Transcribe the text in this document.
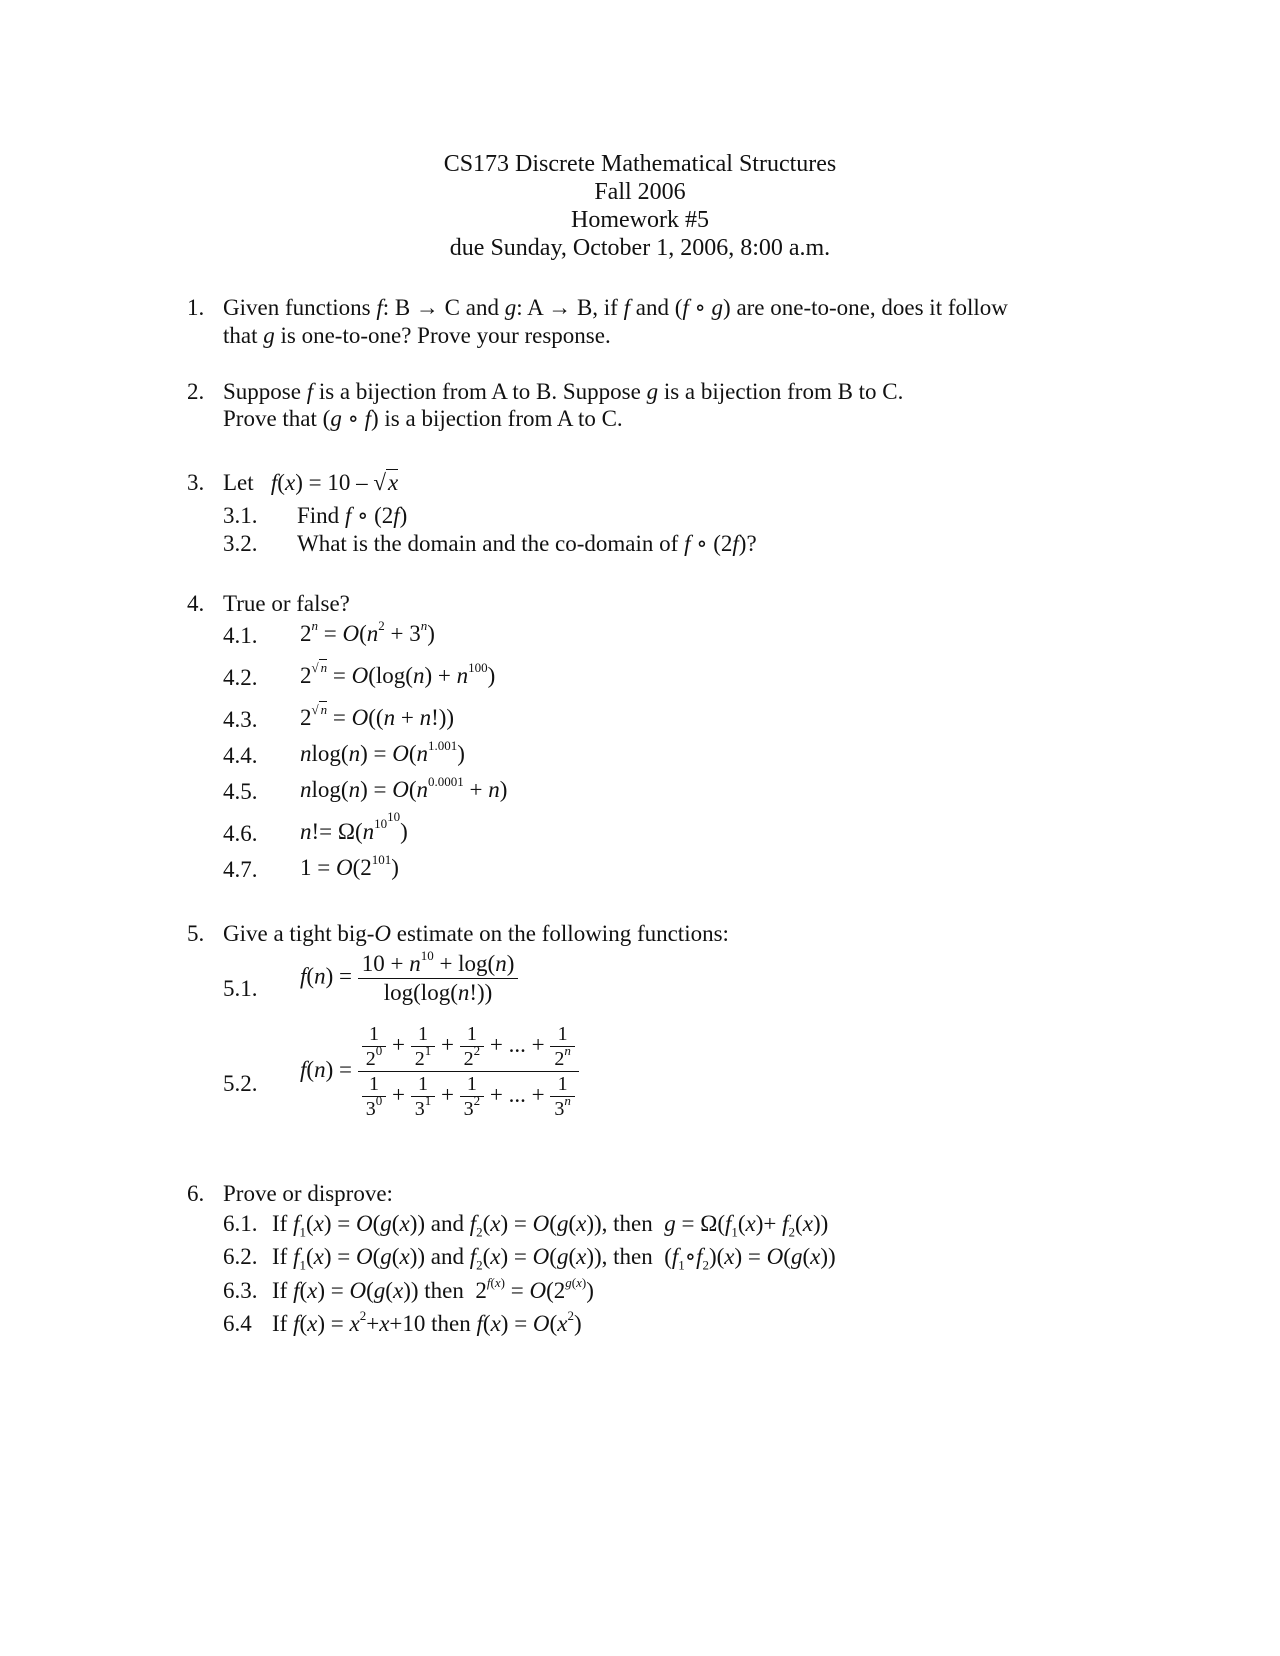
CS173 Discrete Mathematical Structures
Fall 2006
Homework #5
due Sunday, October 1, 2006, 8:00 a.m.
1. Given functions f: B → C and g: A → B, if f and (f ∘ g) are one-to-one, does it follow
that g is one-to-one? Prove your response.
2. Suppose f is a bijection from A to B. Suppose g is a bijection from B to C.
Prove that (g ∘ f) is a bijection from A to C.
3. Let f(x) = 10 – √x
3.1. Find f ∘ (2f)
3.2. What is the domain and the co-domain of f ∘ (2f)?
4. True or false?
4.1. $2^n = O(n^2 + 3^n)$
4.2. $2^{√ n} = O(\log(n) + n^{100})$
4.3. $2^{√ n} = O((n + n!))$
4.4. $nlog(n) = O(n^{1.001})$
4.5. $nlog(n) = O(n^{0.0001} + n)$
4.6. $n!= \Omega(n^{10^{10}})$
4.7. $1 = O(2^{101})$
5. Give a tight big-O estimate on the following functions:
5.1.
$f(n) = \frac{10 + n^{10} + \log(n)}{\log(\log(n!))}$
5.2.
$f(n) = \frac{\frac{1}{2^0} + \frac{1}{2^1} + \frac{1}{2^2} + ... + \frac{1}{2^n}}{\frac{1}{3^0} + \frac{1}{3^1} + \frac{1}{3^2} + ... + \frac{1}{3^n}}$
6. Prove or disprove:
6.1. If $f_1(x) = O(g(x))$ and $f_2(x) = O(g(x))$, then  $g = \Omega(f_1(x)+ f_2(x))$
6.2. If $f_1(x) = O(g(x))$ and $f_2(x) = O(g(x))$, then  $(f_1\circ f_2)(x) = O(g(x))$
6.3. If f(x) = O(g(x)) then  $2^{f(x)} = O(2^{g(x)})$
6.4 If $f(x) = x^2+x+10$ then $f(x) = O(x^2)$
